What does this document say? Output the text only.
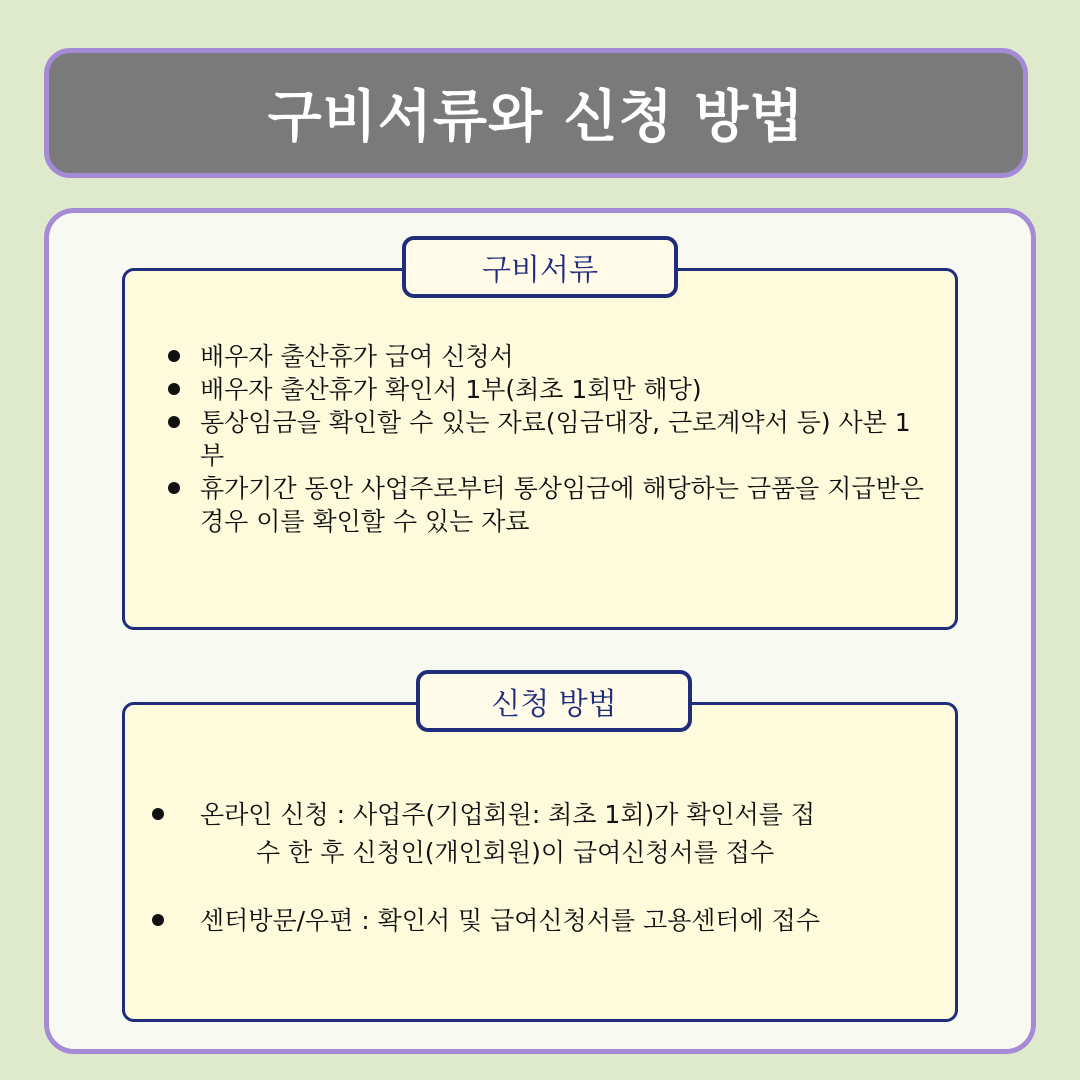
구비서류와 신청 방법
구비서류
배우자 출산휴가 급여 신청서
배우자 출산휴가 확인서 1부(최초 1회만 해당)
통상임금을 확인할 수 있는 자료(임금대장, 근로계약서 등) 사본 1부
휴가기간 동안 사업주로부터 통상임금에 해당하는 금품을 지급받은 경우 이를 확인할 수 있는 자료
신청 방법
온라인 신청 : 사업주(기업회원: 최초 1회)가 확인서를 접
수 한 후 신청인(개인회원)이 급여신청서를 접수
센터방문/우편 : 확인서 및 급여신청서를 고용센터에 접수
